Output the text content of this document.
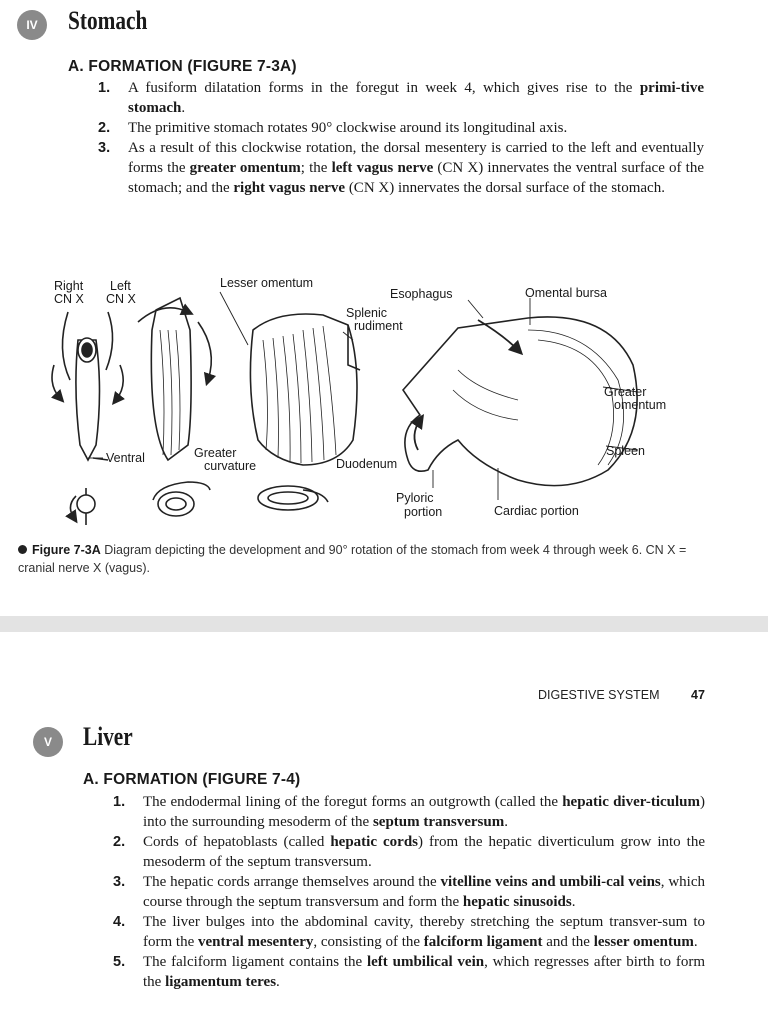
IV	Stomach
A. FORMATION (FIGURE 7-3A)
1. A fusiform dilatation forms in the foregut in week 4, which gives rise to the primi-tive stomach.
2. The primitive stomach rotates 90° clockwise around its longitudinal axis.
3. As a result of this clockwise rotation, the dorsal mesentery is carried to the left and eventually forms the greater omentum; the left vagus nerve (CN X) innervates the ventral surface of the stomach; and the right vagus nerve (CN X) innervates the dorsal surface of the stomach.
Right
CN X
Left
CN X
Lesser omentum
Esophagus	Omental bursa
Splenic
rudiment
Greater
omentum
Spleen
Ventral	Greater
curvature	Duodenum
Pyloric
portion	Cardiac portion
Figure 7-3A Diagram depicting the development and 90° rotation of the stomach from week 4 through week 6. CN X = cranial nerve X (vagus).
DIGESTIVE SYSTEM	47
V	Liver
A. FORMATION (FIGURE 7-4)
1. The endodermal lining of the foregut forms an outgrowth (called the hepatic diver-ticulum) into the surrounding mesoderm of the septum transversum.
2. Cords of hepatoblasts (called hepatic cords) from the hepatic diverticulum grow into the mesoderm of the septum transversum.
3. The hepatic cords arrange themselves around the vitelline veins and umbili-cal veins, which course through the septum transversum and form the hepatic sinusoids.
4. The liver bulges into the abdominal cavity, thereby stretching the septum transver-sum to form the ventral mesentery, consisting of the falciform ligament and the lesser omentum.
5. The falciform ligament contains the left umbilical vein, which regresses after birth to form the ligamentum teres.
